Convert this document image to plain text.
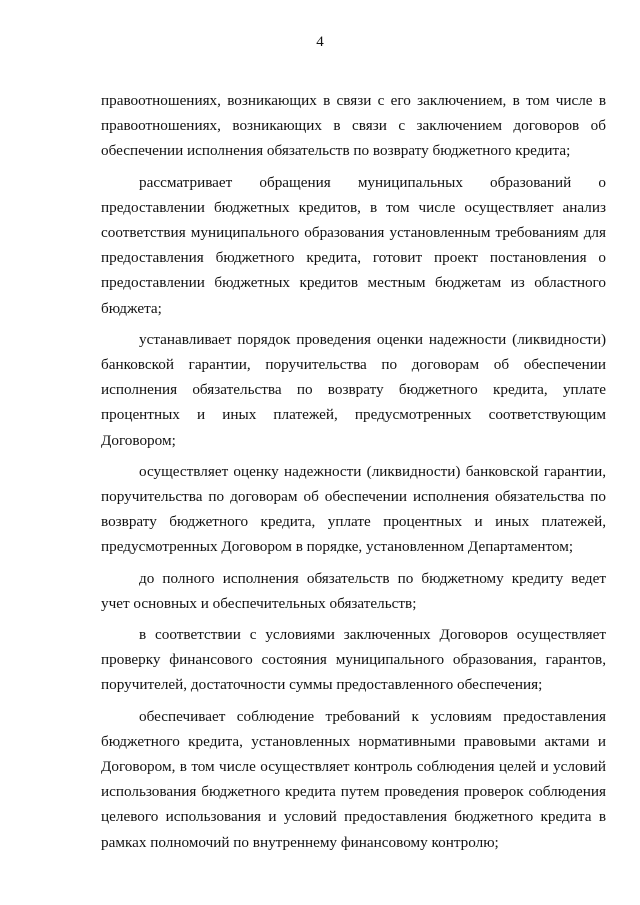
4

правоотношениях, возникающих в связи с его заключением, в том числе в правоотношениях, возникающих в связи с заключением договоров об обеспечении исполнения обязательств по возврату бюджетного кредита;

рассматривает обращения муниципальных образований о предоставлении бюджетных кредитов, в том числе осуществляет анализ соответствия муниципального образования установленным требованиям для предоставления бюджетного кредита, готовит проект постановления о предоставлении бюджетных кредитов местным бюджетам из областного бюджета;

устанавливает порядок проведения оценки надежности (ликвидности) банковской гарантии, поручительства по договорам об обеспечении исполнения обязательства по возврату бюджетного кредита, уплате процентных и иных платежей, предусмотренных соответствующим Договором;

осуществляет оценку надежности (ликвидности) банковской гарантии, поручительства по договорам об обеспечении исполнения обязательства по возврату бюджетного кредита, уплате процентных и иных платежей, предусмотренных Договором в порядке, установленном Департаментом;

до полного исполнения обязательств по бюджетному кредиту ведет учет основных и обеспечительных обязательств;

в соответствии с условиями заключенных Договоров осуществляет проверку финансового состояния муниципального образования, гарантов, поручителей, достаточности суммы предоставленного обеспечения;

обеспечивает соблюдение требований к условиям предоставления бюджетного кредита, установленных нормативными правовыми актами и Договором, в том числе осуществляет контроль соблюдения целей и условий использования бюджетного кредита путем проведения проверок соблюдения целевого использования и условий предоставления бюджетного кредита в рамках полномочий по внутреннему финансовому контролю;
